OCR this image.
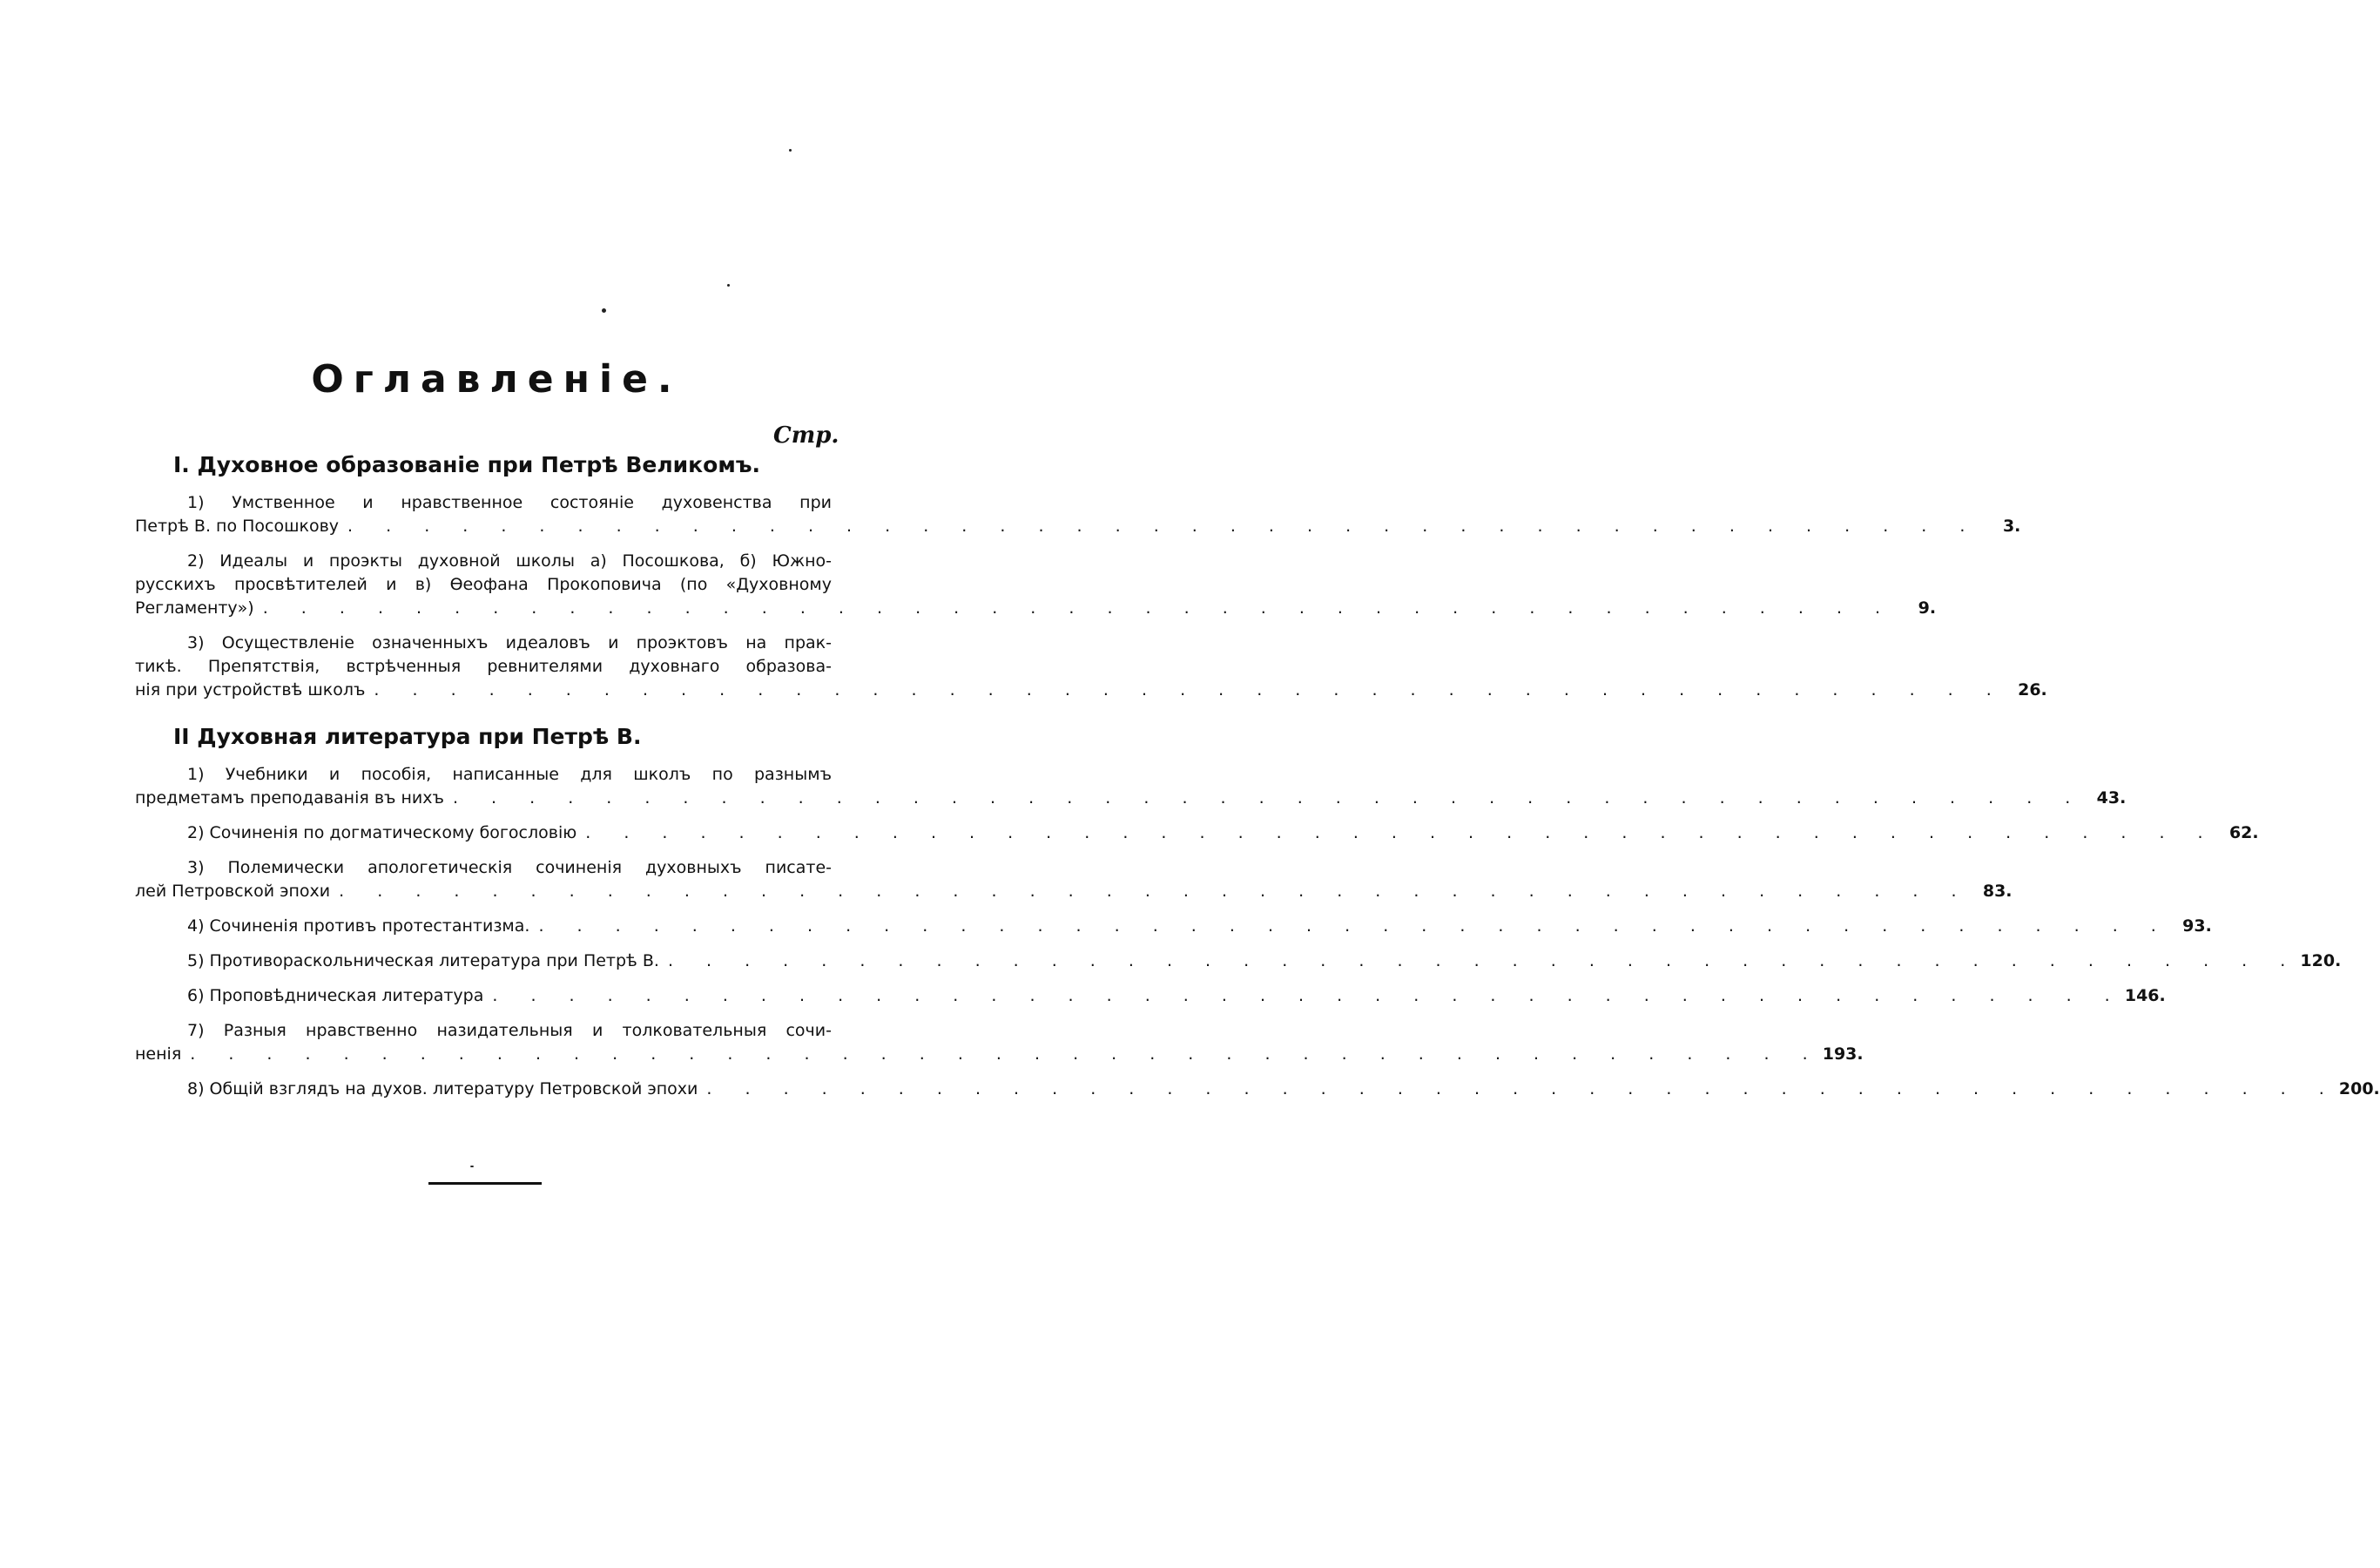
Оглавленіе.
Стр.
I. Духовное образованіе при Петрѣ Великомъ.
1) Умственное и нравственное состояніе духовенства при
Петрѣ В. по Посошкову . . .	3.
2) Идеалы и проэкты духовной школы а) Посошкова, б) Южно-
русскихъ просвѣтителей и в) Өеофана Прокоповича (по «Духовному
Регламенту») . . .	9.
3) Осуществленіе означенныхъ идеаловъ и проэктовъ на прак-
тикѣ. Препятствія, встрѣченныя ревнителями духовнаго образова-
нія при устройствѣ школъ . . .	26.
II Духовная литература при Петрѣ В.
1) Учебники и пособія, написанные для школъ по разнымъ
предметамъ преподаванія въ нихъ . . .	43.
2) Сочиненія по догматическому богословію . . .	62.
3) Полемически апологетическія сочиненія духовныхъ писате-
лей Петровской эпохи . . .	83.
4) Сочиненія противъ протестантизма. . . .	93.
5) Противораскольническая литература при Петрѣ В. . . .	120.
6) Проповѣдническая литература . . .	146.
7) Разныя нравственно назидательныя и толковательныя сочи-
ненія . . .	193.
8) Общій взглядъ на духов. литературу Петровской эпохи . . .	200.
